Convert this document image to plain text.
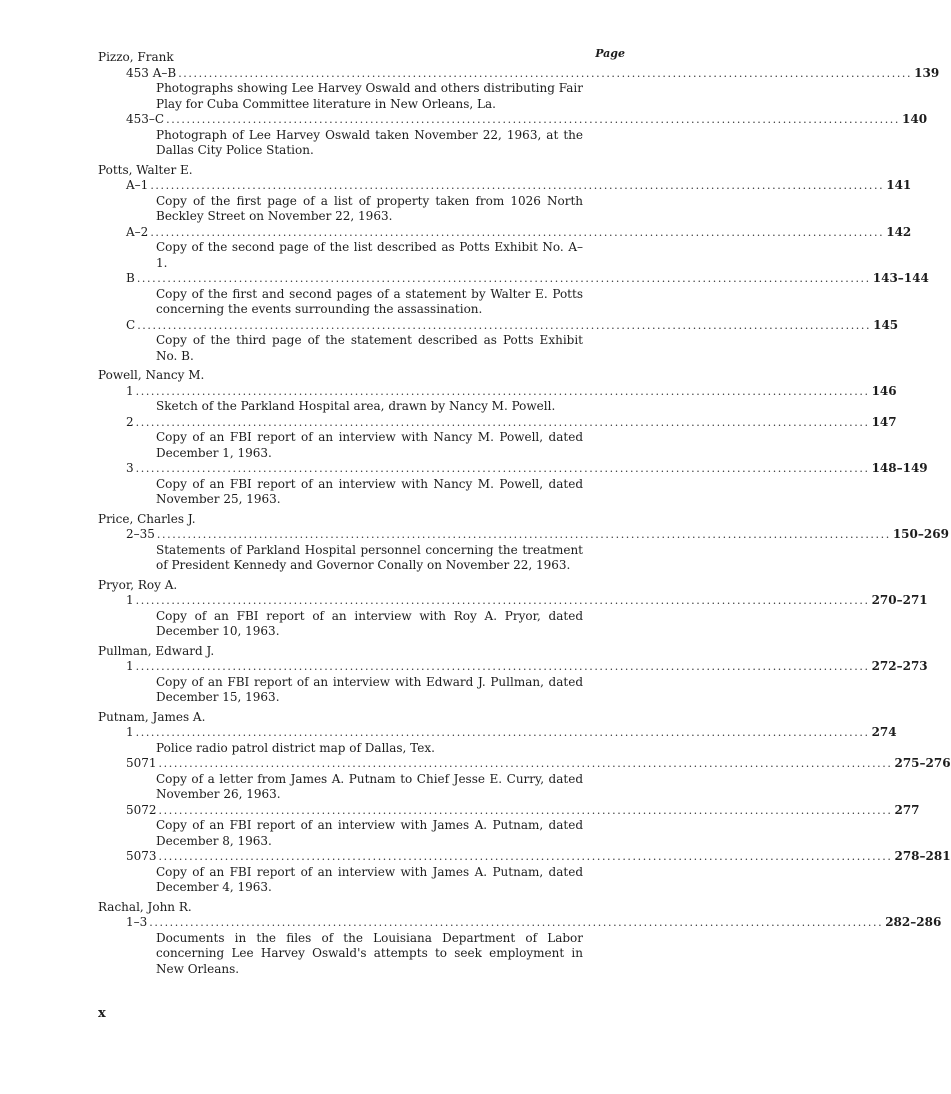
Page
Pizzo, Frank
453 A–B ................................................................................................................................................ 139
Photographs showing Lee Harvey Oswald and others distributing Fair Play for Cuba Committee literature in New Orleans, La.
453–C ................................................................................................................................................ 140
Photograph of Lee Harvey Oswald taken November 22, 1963, at the Dallas City Police Station.
Potts, Walter E.
A–1 ................................................................................................................................................ 141
Copy of the first page of a list of property taken from 1026 North Beckley Street on November 22, 1963.
A–2 ................................................................................................................................................ 142
Copy of the second page of the list described as Potts Exhibit No. A–1.
B ................................................................................................................................................ 143–144
Copy of the first and second pages of a statement by Walter E. Potts concerning the events surrounding the assassination.
C ................................................................................................................................................ 145
Copy of the third page of the statement described as Potts Exhibit No. B.
Powell, Nancy M.
1 ................................................................................................................................................ 146
Sketch of the Parkland Hospital area, drawn by Nancy M. Powell.
2 ................................................................................................................................................ 147
Copy of an FBI report of an interview with Nancy M. Powell, dated December 1, 1963.
3 ................................................................................................................................................ 148–149
Copy of an FBI report of an interview with Nancy M. Powell, dated November 25, 1963.
Price, Charles J.
2–35 ................................................................................................................................................ 150–269
Statements of Parkland Hospital personnel concerning the treatment of President Kennedy and Governor Conally on November 22, 1963.
Pryor, Roy A.
1 ................................................................................................................................................ 270–271
Copy of an FBI report of an interview with Roy A. Pryor, dated December 10, 1963.
Pullman, Edward J.
1 ................................................................................................................................................ 272–273
Copy of an FBI report of an interview with Edward J. Pullman, dated December 15, 1963.
Putnam, James A.
1 ................................................................................................................................................ 274
Police radio patrol district map of Dallas, Tex.
5071 ................................................................................................................................................ 275–276
Copy of a letter from James A. Putnam to Chief Jesse E. Curry, dated November 26, 1963.
5072 ................................................................................................................................................ 277
Copy of an FBI report of an interview with James A. Putnam, dated December 8, 1963.
5073 ................................................................................................................................................ 278–281
Copy of an FBI report of an interview with James A. Putnam, dated December 4, 1963.
Rachal, John R.
1–3 ................................................................................................................................................ 282–286
Documents in the files of the Louisiana Department of Labor concerning Lee Harvey Oswald's attempts to seek employment in New Orleans.
x
